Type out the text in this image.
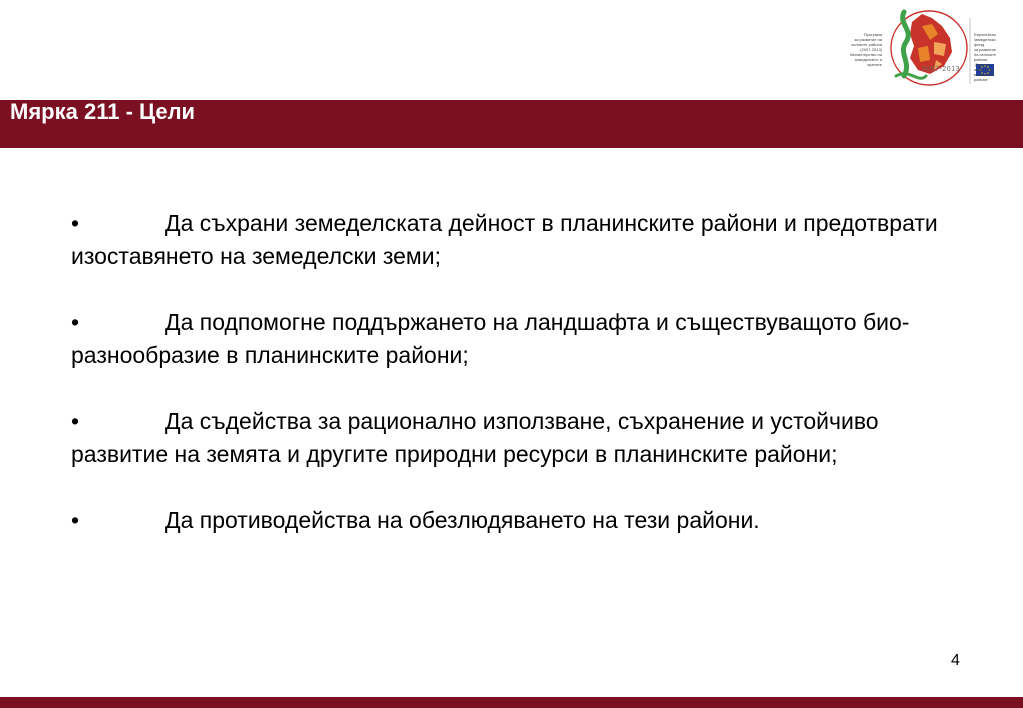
Програма
за развитие на
селските райони
(2007-2013)
Министерство на
земеделието и
храните
2007-2013
Европейски
земеделски фонд
за развитие
на селските райони
„Европа инвестира
в селските райони“
Мярка 211 - Цели

•	Да съхрани земеделската дейност в планинските райони и предотврати изоставянето на земеделски земи;

•	Да подпомогне поддържането на ландшафта и съществуващото био-разнообразие в планинските райони;

•	Да съдейства за рационално използване, съхранение и устойчиво развитие на земята и другите природни ресурси в планинските райони;

•	Да противодейства на обезлюдяването на тези райони.

4
